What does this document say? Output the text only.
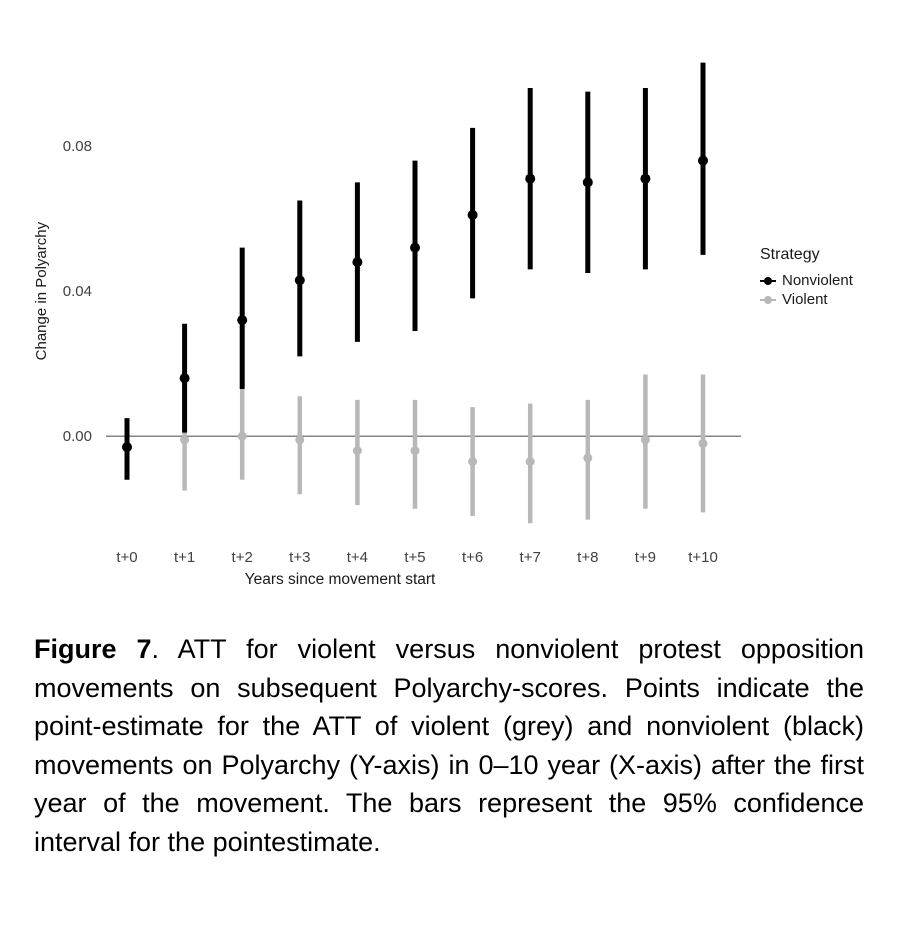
0.00
0.04
0.08
Change in Polyarchy
t+0 t+1 t+2 t+3 t+4 t+5 t+6 t+7 t+8 t+9 t+10
Years since movement start
Strategy
Nonviolent
Violent

Figure 7. ATT for violent versus nonviolent protest opposition movements on subsequent Polyarchy-scores. Points indicate the point-estimate for the ATT of violent (grey) and nonviolent (black) movements on Polyarchy (Y-axis) in 0–10 year (X-axis) after the first year of the movement. The bars represent the 95% confidence interval for the pointestimate.
